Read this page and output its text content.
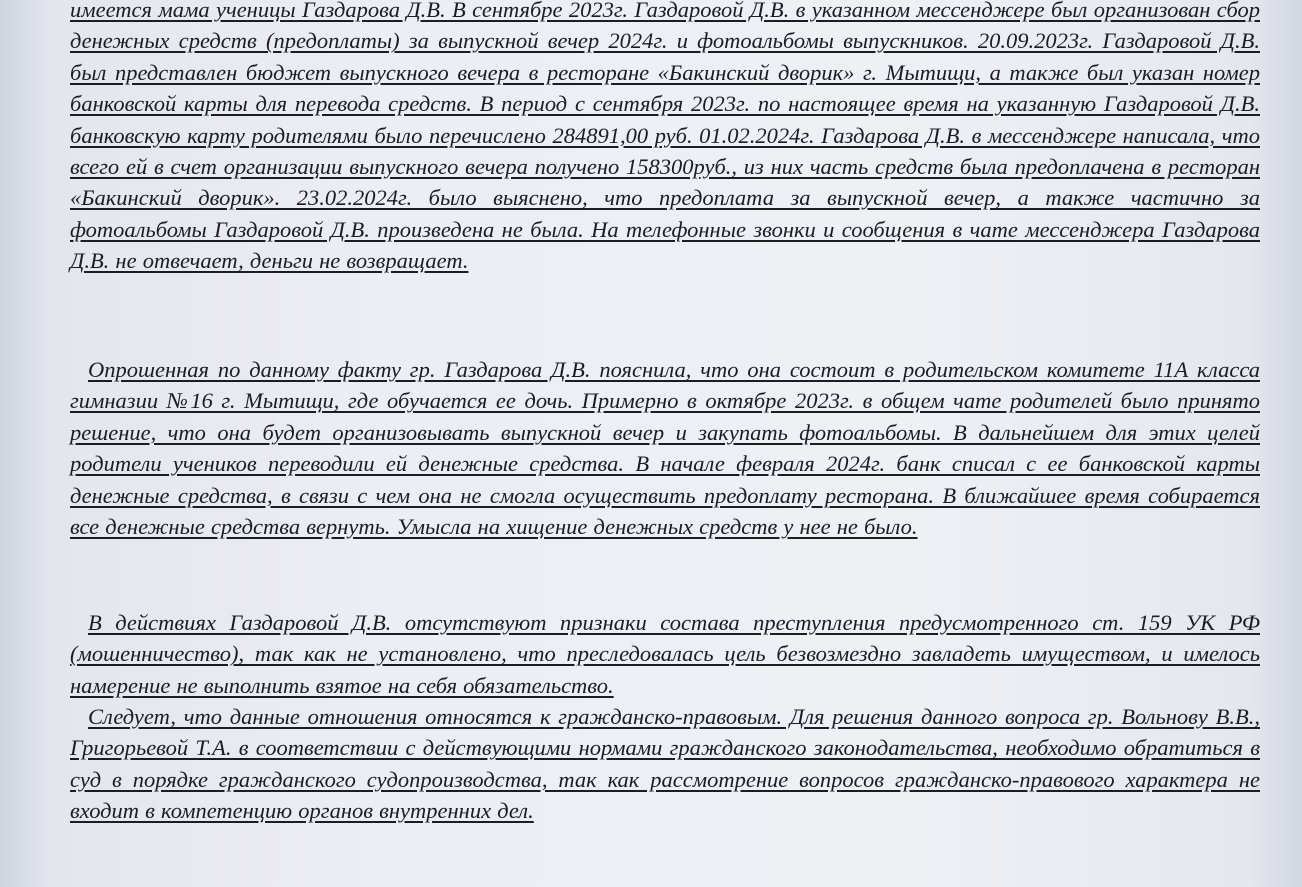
имеется мама ученицы Газдарова Д.В. В сентябре 2023г. Газдаровой Д.В. в указанном мессенджере был организован сбор денежных средств (предоплаты) за выпускной вечер 2024г. и фотоальбомы выпускников. 20.09.2023г. Газдаровой Д.В. был представлен бюджет выпускного вечера в ресторане «Бакинский дворик» г. Мытищи, а также был указан номер банковской карты для перевода средств. В период с сентября 2023г. по настоящее время на указанную Газдаровой Д.В. банковскую карту родителями было перечислено 284891,00 руб. 01.02.2024г. Газдарова Д.В. в мессенджере написала, что всего ей в счет организации выпускного вечера получено 158300руб., из них часть средств была предоплачена в ресторан «Бакинский дворик». 23.02.2024г. было выяснено, что предоплата за выпускной вечер, а также частично за фотоальбомы Газдаровой Д.В. произведена не была. На телефонные звонки и сообщения в чате мессенджера Газдарова Д.В. не отвечает, деньги не возвращает.

Опрошенная по данному факту гр. Газдарова Д.В. пояснила, что она состоит в родительском комитете 11А класса гимназии №16 г. Мытищи, где обучается ее дочь. Примерно в октябре 2023г. в общем чате родителей было принято решение, что она будет организовывать выпускной вечер и закупать фотоальбомы. В дальнейшем для этих целей родители учеников переводили ей денежные средства. В начале февраля 2024г. банк списал с ее банковской карты денежные средства, в связи с чем она не смогла осуществить предоплату ресторана. В ближайшее время собирается все денежные средства вернуть. Умысла на хищение денежных средств у нее не было.

В действиях Газдаровой Д.В. отсутствуют признаки состава преступления предусмотренного ст. 159 УК РФ (мошенничество), так как не установлено, что преследовалась цель безвозмездно завладеть имуществом, и имелось намерение не выполнить взятое на себя обязательство.

Следует, что данные отношения относятся к гражданско-правовым. Для решения данного вопроса гр. Вольнову В.В., Григорьевой Т.А. в соответствии с действующими нормами гражданского законодательства, необходимо обратиться в суд в порядке гражданского судопроизводства, так как рассмотрение вопросов гражданско-правового характера не входит в компетенцию органов внутренних дел.
